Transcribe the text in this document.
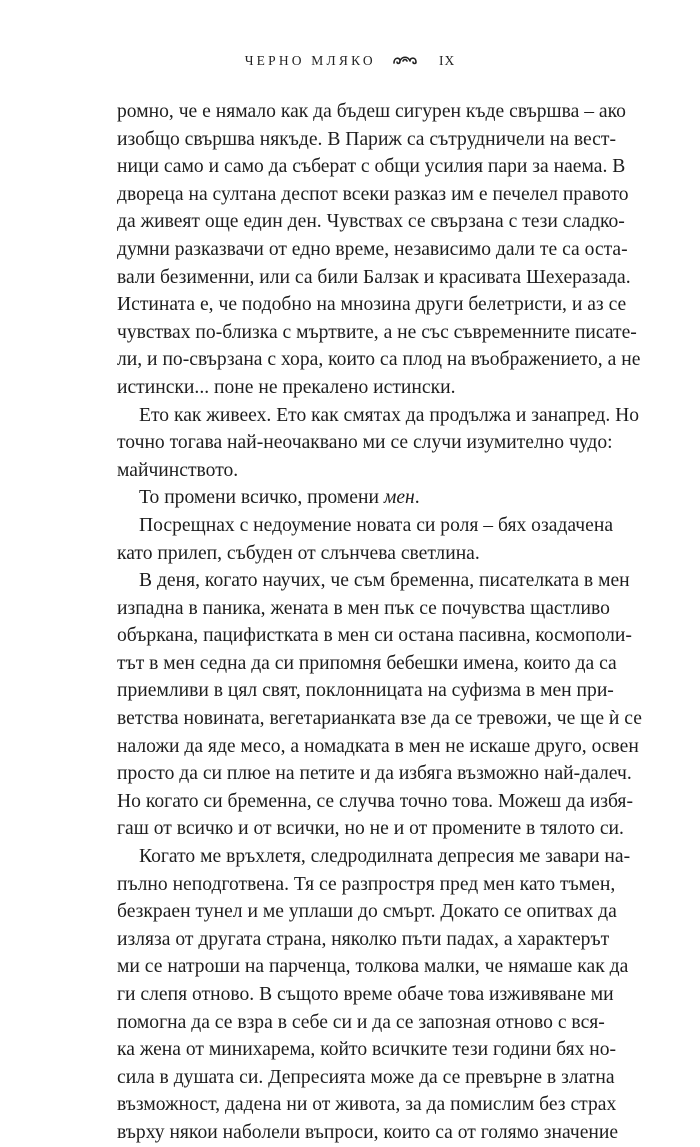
ЧЕРНО МЛЯКО	IX
ромно, че е нямало как да бъдеш сигурен къде свършва – ако
изобщо свършва някъде. В Париж са сътрудничели на вест-
ници само и само да съберат с общи усилия пари за наема. В
двореца на султана деспот всеки разказ им е печелел правото
да живеят още един ден. Чувствах се свързана с тези сладко-
думни разказвачи от едно време, независимо дали те са оста-
вали безименни, или са били Балзак и красивата Шехеразада.
Истината е, че подобно на мнозина други белетристи, и аз се
чувствах по-близка с мъртвите, а не със съвременните писате-
ли, и по-свързана с хора, които са плод на въображението, а не
истински... поне не прекалено истински.
Ето как живеех. Ето как смятах да продължа и занапред. Но
точно тогава най-неочаквано ми се случи изумително чудо:
майчинството.
То промени всичко, промени мен.
Посрещнах с недоумение новата си роля – бях озадачена
като прилеп, събуден от слънчева светлина.
В деня, когато научих, че съм бременна, писателката в мен
изпадна в паника, жената в мен пък се почувства щастливо
объркана, пацифистката в мен си остана пасивна, космополи-
тът в мен седна да си припомня бебешки имена, които да са
приемливи в цял свят, поклонницата на суфизма в мен при-
ветства новината, вегетарианката взе да се тревожи, че ще ѝ се
наложи да яде месо, а номадката в мен не искаше друго, освен
просто да си плюе на петите и да избяга възможно най-далеч.
Но когато си бременна, се случва точно това. Можеш да избя-
гаш от всичко и от всички, но не и от промените в тялото си.
Когато ме връхлетя, следродилната депресия ме завари на-
пълно неподготвена. Тя се разпростря пред мен като тъмен,
безкраен тунел и ме уплаши до смърт. Докато се опитвах да
изляза от другата страна, няколко пъти падах, а характерът
ми се натроши на парченца, толкова малки, че нямаше как да
ги слепя отново. В същото време обаче това изживяване ми
помогна да се взра в себе си и да се запозная отново с вся-
ка жена от минихарема, който всичките тези години бях но-
сила в душата си. Депресията може да се превърне в златна
възможност, дадена ни от живота, за да помислим без страх
върху някои наболели въпроси, които са от голямо значение
